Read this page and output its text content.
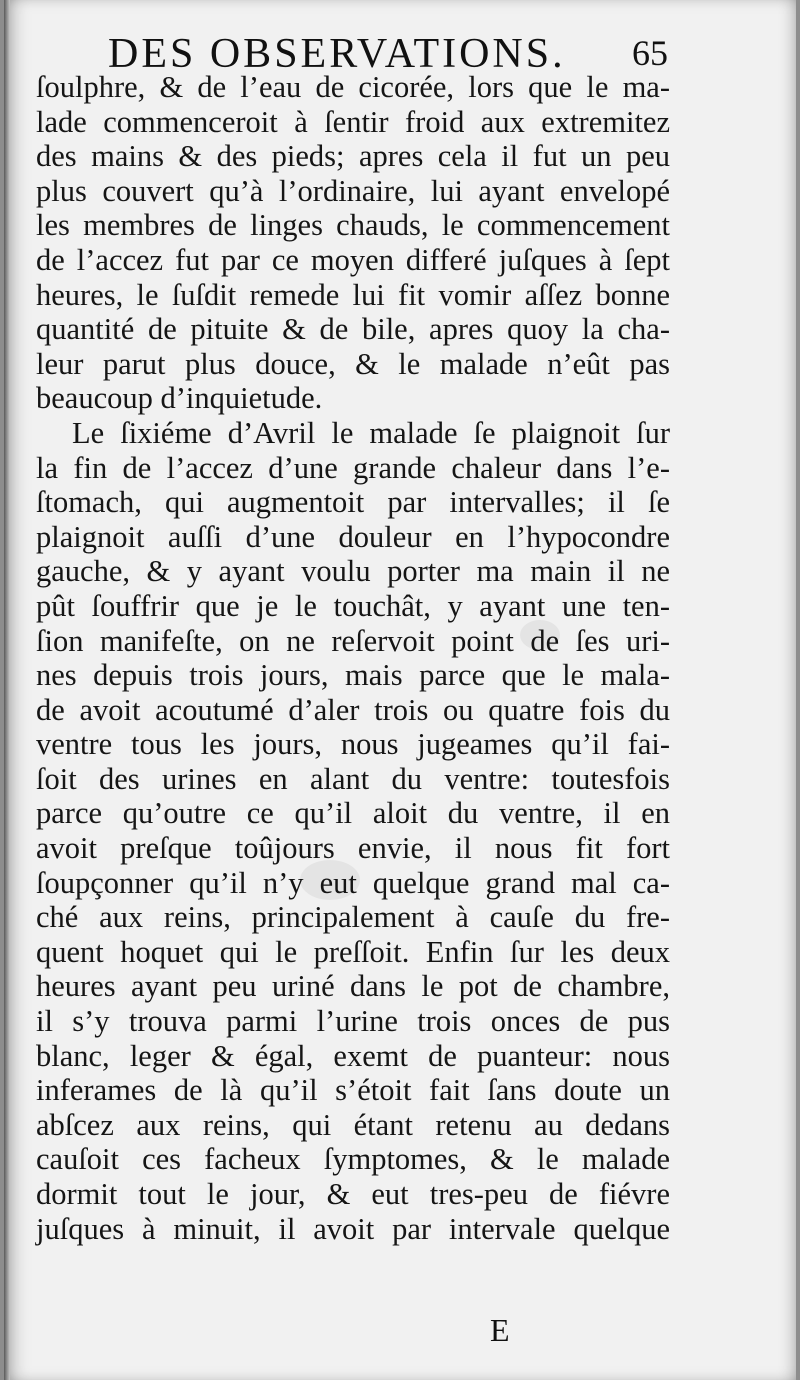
DES OBSERVATIONS. 65
ſoulphre, & de l’eau de cicorée, lors que le ma-
lade commenceroit à ſentir froid aux extremitez
des mains & des pieds; apres cela il fut un peu
plus couvert qu’à l’ordinaire, lui ayant envelopé
les membres de linges chauds, le commencement
de l’accez fut par ce moyen differé juſques à ſept
heures, le ſuſdit remede lui fit vomir aſſez bonne
quantité de pituite & de bile, apres quoy la cha-
leur parut plus douce, & le malade n’eût pas
beaucoup d’inquietude.
Le ſixiéme d’Avril le malade ſe plaignoit ſur
la fin de l’accez d’une grande chaleur dans l’e-
ſtomach, qui augmentoit par intervalles; il ſe
plaignoit auſſi d’une douleur en l’hypocondre
gauche, & y ayant voulu porter ma main il ne
pût ſouffrir que je le touchât, y ayant une ten-
ſion manifeſte, on ne reſervoit point de ſes uri-
nes depuis trois jours, mais parce que le mala-
de avoit acoutumé d’aler trois ou quatre fois du
ventre tous les jours, nous jugeames qu’il fai-
ſoit des urines en alant du ventre: toutesfois
parce qu’outre ce qu’il aloit du ventre, il en
avoit preſque toûjours envie, il nous fit fort
ſoupçonner qu’il n’y eut quelque grand mal ca-
ché aux reins, principalement à cauſe du fre-
quent hoquet qui le preſſoit. Enfin ſur les deux
heures ayant peu uriné dans le pot de chambre,
il s’y trouva parmi l’urine trois onces de pus
blanc, leger & égal, exemt de puanteur: nous
inferames de là qu’il s’étoit fait ſans doute un
abſcez aux reins, qui étant retenu au dedans
cauſoit ces facheux ſymptomes, & le malade
dormit tout le jour, & eut tres-peu de fiévre
juſques à minuit, il avoit par intervale quelque
E
